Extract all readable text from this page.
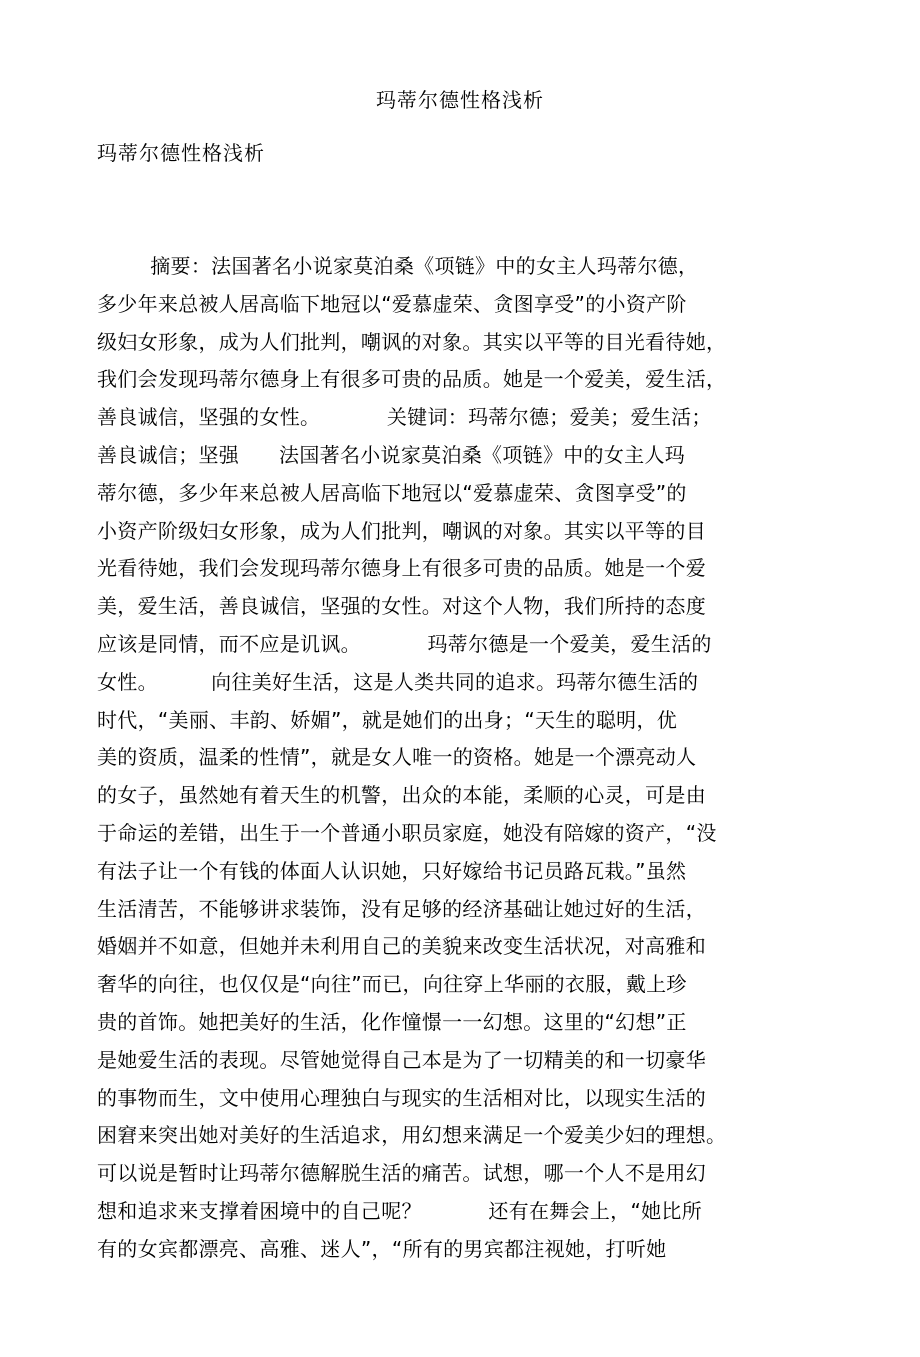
玛蒂尔德性格浅析
玛蒂尔德性格浅析
摘要：法国著名小说家莫泊桑《项链》中的女主人玛蒂尔德，
多少年来总被人居高临下地冠以“爱慕虚荣、贪图享受”的小资产阶
级妇女形象，成为人们批判，嘲讽的对象。其实以平等的目光看待她，
我们会发现玛蒂尔德身上有很多可贵的品质。她是一个爱美，爱生活，
善良诚信，坚强的女性。          关键词：玛蒂尔德；爱美；爱生活；
善良诚信；坚强      法国著名小说家莫泊桑《项链》中的女主人玛
蒂尔德，多少年来总被人居高临下地冠以“爱慕虚荣、贪图享受”的
小资产阶级妇女形象，成为人们批判，嘲讽的对象。其实以平等的目
光看待她，我们会发现玛蒂尔德身上有很多可贵的品质。她是一个爱
美，爱生活，善良诚信，坚强的女性。对这个人物，我们所持的态度
应该是同情，而不应是讥讽。          玛蒂尔德是一个爱美，爱生活的
女性。        向往美好生活，这是人类共同的追求。玛蒂尔德生活的
时代，“美丽、丰韵、娇媚”，就是她们的出身；“天生的聪明，优
美的资质，温柔的性情”，就是女人唯一的资格。她是一个漂亮动人
的女子，虽然她有着天生的机警，出众的本能，柔顺的心灵，可是由
于命运的差错，出生于一个普通小职员家庭，她没有陪嫁的资产，“没
有法子让一个有钱的体面人认识她，只好嫁给书记员路瓦栽。”虽然
生活清苦，不能够讲求装饰，没有足够的经济基础让她过好的生活，
婚姻并不如意，但她并未利用自己的美貌来改变生活状况，对高雅和
奢华的向往，也仅仅是“向往”而已，向往穿上华丽的衣服，戴上珍
贵的首饰。她把美好的生活，化作憧憬一一幻想。这里的“幻想”正
是她爱生活的表现。尽管她觉得自己本是为了一切精美的和一切豪华
的事物而生，文中使用心理独白与现实的生活相对比，以现实生活的
困窘来突出她对美好的生活追求，用幻想来满足一个爱美少妇的理想。
可以说是暂时让玛蒂尔德解脱生活的痛苦。试想，哪一个人不是用幻
想和追求来支撑着困境中的自己呢？          还有在舞会上，“她比所
有的女宾都漂亮、高雅、迷人”，“所有的男宾都注视她，打听她
